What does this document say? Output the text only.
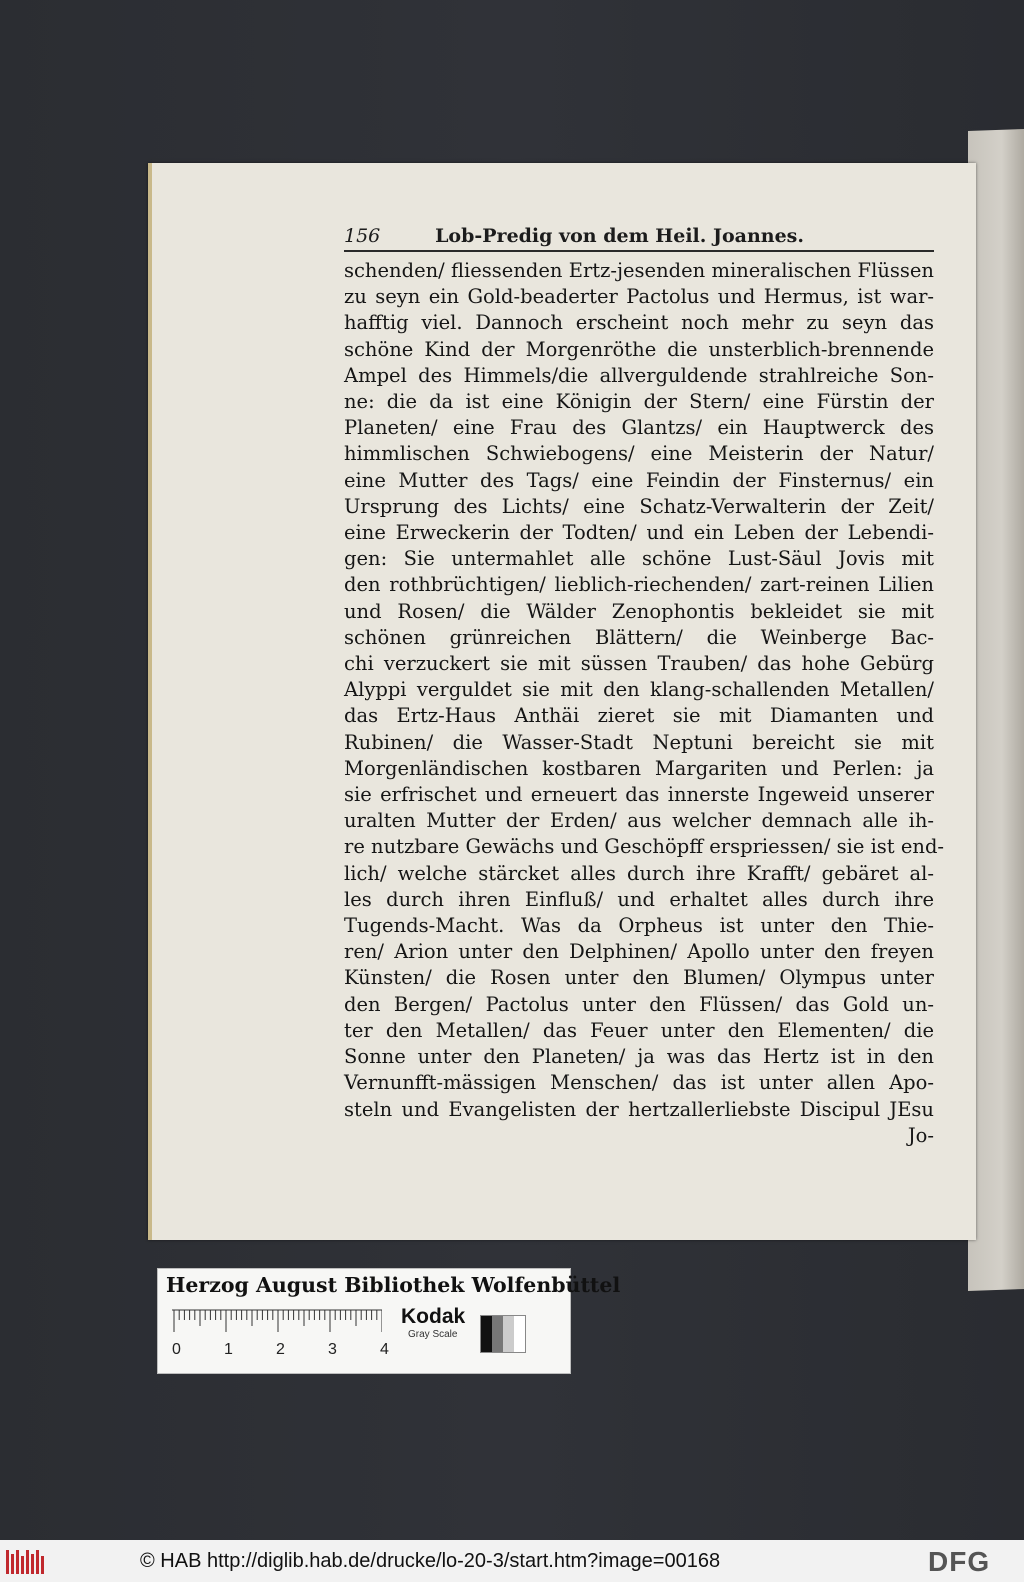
156	Lob-Predig von dem Heil. Joannes.
schenden/ fliessenden Ertz-jesenden mineralischen Flüssen
zu seyn ein Gold-beaderter Pactolus und Hermus, ist war-
hafftig viel. Dannoch erscheint noch mehr zu seyn das
schöne Kind der Morgenröthe die unsterblich-brennende
Ampel des Himmels/die allverguldende strahlreiche Son-
ne: die da ist eine Königin der Stern/ eine Fürstin der
Planeten/ eine Frau des Glantzs/ ein Hauptwerck des
himmlischen Schwiebogens/ eine Meisterin der Natur/
eine Mutter des Tags/ eine Feindin der Finsternus/ ein
Ursprung des Lichts/ eine Schatz-Verwalterin der Zeit/
eine Erweckerin der Todten/ und ein Leben der Lebendi-
gen: Sie untermahlet alle schöne Lust-Säul Jovis mit
den rothbrüchtigen/ lieblich-riechenden/ zart-reinen Lilien
und Rosen/ die Wälder Zenophontis bekleidet sie mit
schönen grünreichen Blättern/ die Weinberge Bac-
chi verzuckert sie mit süssen Trauben/ das hohe Gebürg
Alyppi verguldet sie mit den klang-schallenden Metallen/
das Ertz-Haus Anthäi zieret sie mit Diamanten und
Rubinen/ die Wasser-Stadt Neptuni bereicht sie mit
Morgenländischen kostbaren Margariten und Perlen: ja
sie erfrischet und erneuert das innerste Ingeweid unserer
uralten Mutter der Erden/ aus welcher demnach alle ih-
re nutzbare Gewächs und Geschöpff erspriessen/ sie ist end-
lich/ welche stärcket alles durch ihre Krafft/ gebäret al-
les durch ihren Einfluß/ und erhaltet alles durch ihre
Tugends-Macht. Was da Orpheus ist unter den Thie-
ren/ Arion unter den Delphinen/ Apollo unter den freyen
Künsten/ die Rosen unter den Blumen/ Olympus unter
den Bergen/ Pactolus unter den Flüssen/ das Gold un-
ter den Metallen/ das Feuer unter den Elementen/ die
Sonne unter den Planeten/ ja was das Hertz ist in den
Vernunfft-mässigen Menschen/ das ist unter allen Apo-
steln und Evangelisten der hertzallerliebste Discipul JEsu
Jo-
Herzog August Bibliothek Wolfenbüttel
0	1	2	3	4
Kodak
Gray Scale
© HAB http://diglib.hab.de/drucke/lo-20-3/start.htm?image=00168	DFG
